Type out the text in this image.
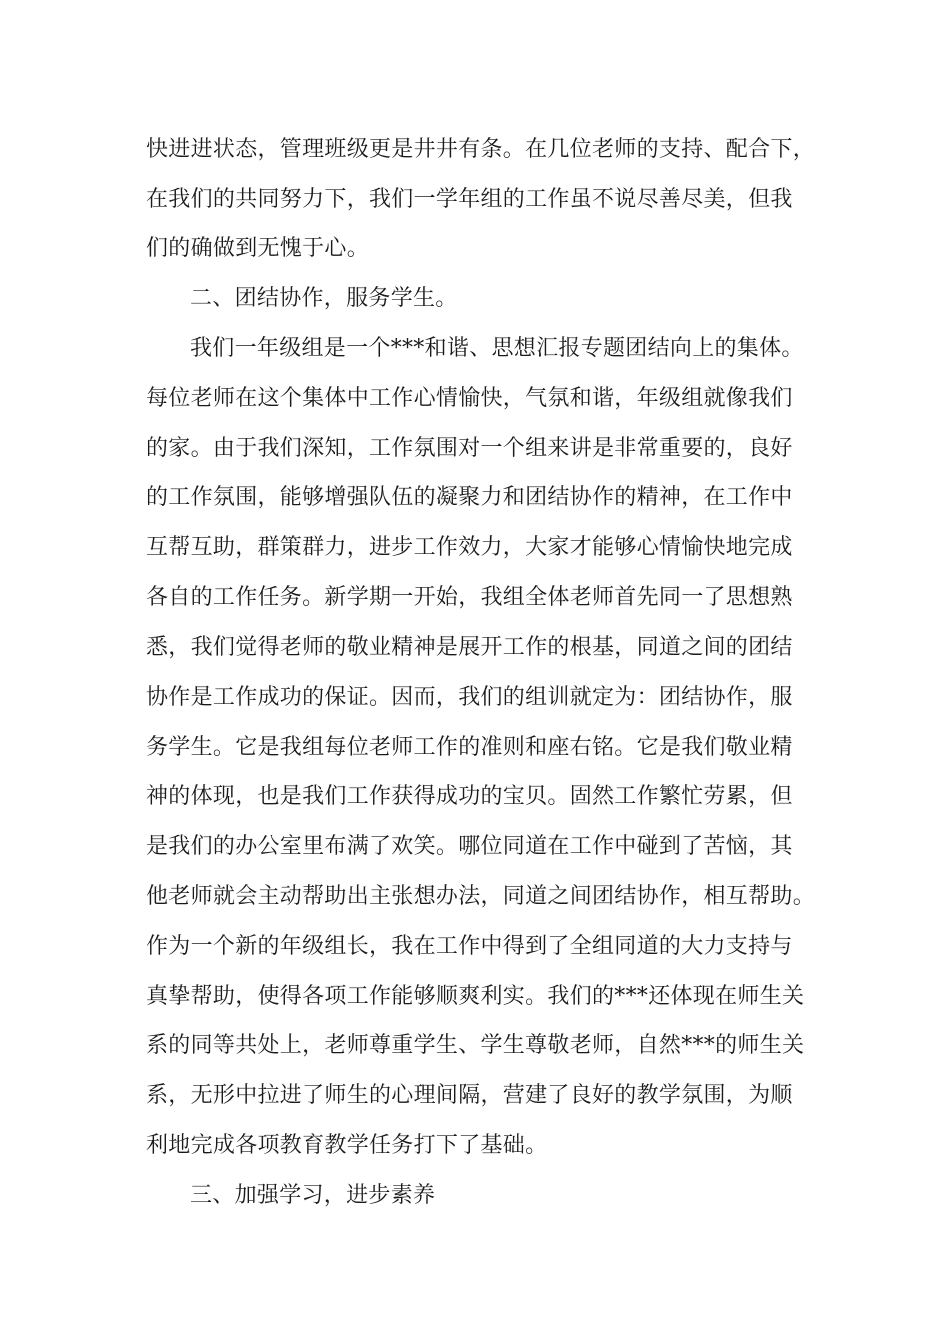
快进进状态，管理班级更是井井有条。在几位老师的支持、配合下，
在我们的共同努力下，我们一学年组的工作虽不说尽善尽美，但我
们的确做到无愧于心。
二、团结协作，服务学生。
我们一年级组是一个***和谐、思想汇报专题团结向上的集体。
每位老师在这个集体中工作心情愉快，气氛和谐，年级组就像我们
的家。由于我们深知，工作氛围对一个组来讲是非常重要的，良好
的工作氛围，能够增强队伍的凝聚力和团结协作的精神，在工作中
互帮互助，群策群力，进步工作效力，大家才能够心情愉快地完成
各自的工作任务。新学期一开始，我组全体老师首先同一了思想熟
悉，我们觉得老师的敬业精神是展开工作的根基，同道之间的团结
协作是工作成功的保证。因而，我们的组训就定为：团结协作，服
务学生。它是我组每位老师工作的准则和座右铭。它是我们敬业精
神的体现，也是我们工作获得成功的宝贝。固然工作繁忙劳累，但
是我们的办公室里布满了欢笑。哪位同道在工作中碰到了苦恼，其
他老师就会主动帮助出主张想办法，同道之间团结协作，相互帮助。
作为一个新的年级组长，我在工作中得到了全组同道的大力支持与
真挚帮助，使得各项工作能够顺爽利实。我们的***还体现在师生关
系的同等共处上，老师尊重学生、学生尊敬老师，自然***的师生关
系，无形中拉进了师生的心理间隔，营建了良好的教学氛围，为顺
利地完成各项教育教学任务打下了基础。
三、加强学习，进步素养
